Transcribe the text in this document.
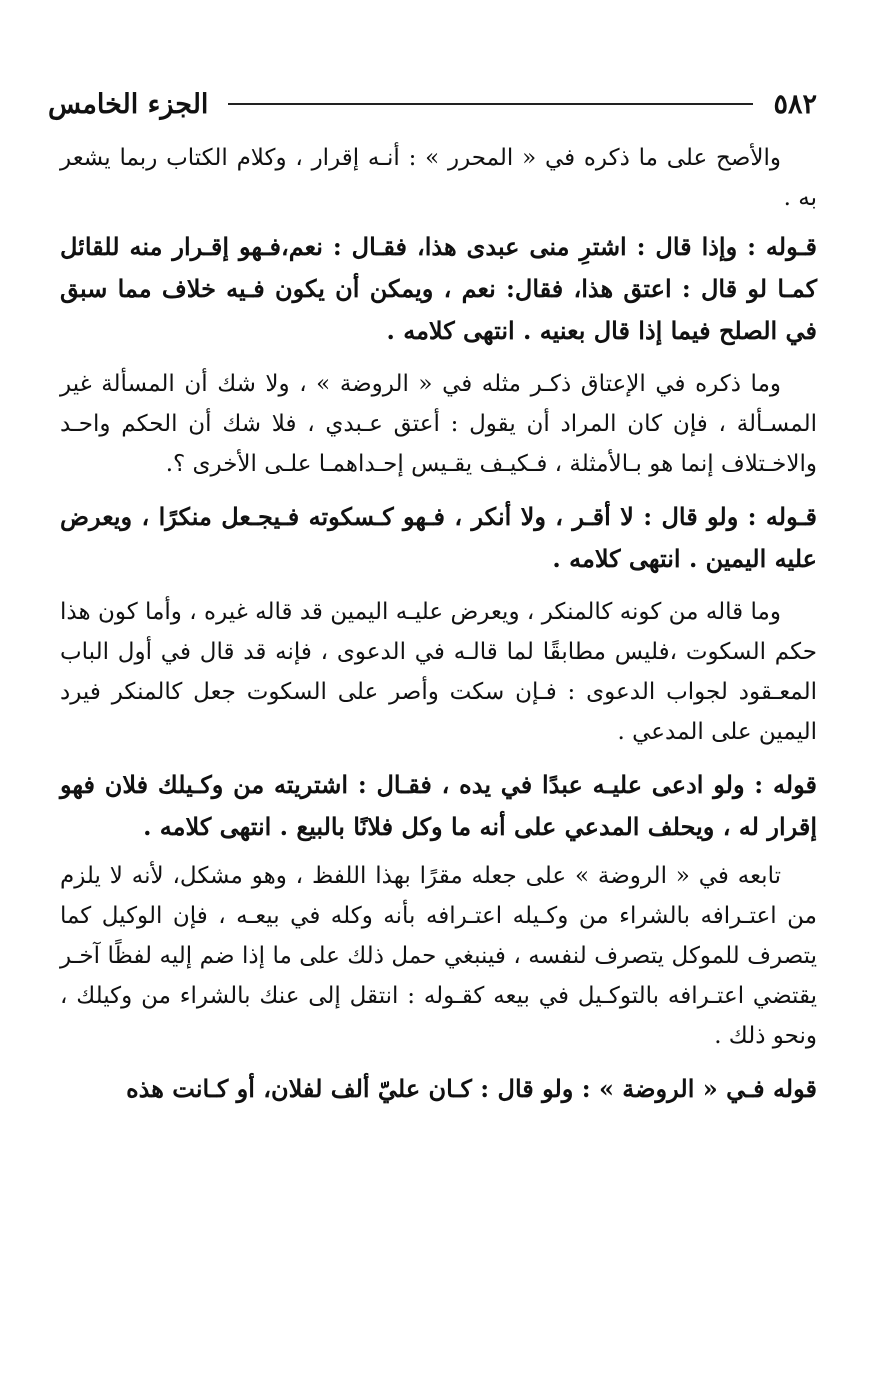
٥٨٢
الجزء الخامس

والأصح على ما ذكره في « المحرر » : أنـه إقرار ، وكلام الكتاب ربما يشعر به .

قـوله : وإذا قال : اشترِ منى عبدى هذا، فقـال : نعم،فـهو إقـرار منه للقائل كمـا لو قال : اعتق هذا، فقال: نعم ، ويمكن أن يكون فـيه خلاف مما سبق في الصلح فيما إذا قال بعنيه . انتهى كلامه .

وما ذكره في الإعتاق ذكـر مثله في « الروضة » ، ولا شك أن المسألة غير المسـألة ، فإن كان المراد أن يقول : أعتق عـبدي ، فلا شك أن الحكم واحـد والاخـتلاف إنما هو بـالأمثلة ، فـكيـف يقـيس إحـداهمـا علـى الأخرى ؟.

قـوله : ولو قال : لا أقـر ، ولا أنكر ، فـهو كـسكوته فـيجـعل منكرًا ، ويعرض عليه اليمين . انتهى كلامه .

وما قاله من كونه كالمنكر ، ويعرض عليـه اليمين قد قاله غيره ، وأما كون هذا حكم السكوت ،فليس مطابقًا لما قالـه في الدعوى ، فإنه قد قال في أول الباب المعـقود لجواب الدعوى : فـإن سكت وأصر على السكوت جعل كالمنكر فيرد اليمين على المدعي .

قوله : ولو ادعى عليـه عبدًا في يده ، فقـال : اشتريته من وكـيلك فلان فهو إقرار له ، ويحلف المدعي على أنه ما وكل فلانًا بالبيع . انتهى كلامه .

تابعه في « الروضة » على جعله مقرًا بهذا اللفظ ، وهو مشكل، لأنه لا يلزم من اعتـرافه بالشراء من وكـيله اعتـرافه بأنه وكله في بيعـه ، فإن الوكيل كما يتصرف للموكل يتصرف لنفسه ، فينبغي حمل ذلك على ما إذا ضم إليه لفظًا آخـر يقتضي اعتـرافه بالتوكـيل في بيعه كقـوله : انتقل إلى عنك بالشراء من وكيلك ، ونحو ذلك .

قوله فـي « الروضة » : ولو قال : كـان عليّ ألف لفلان، أو كـانت هذه
